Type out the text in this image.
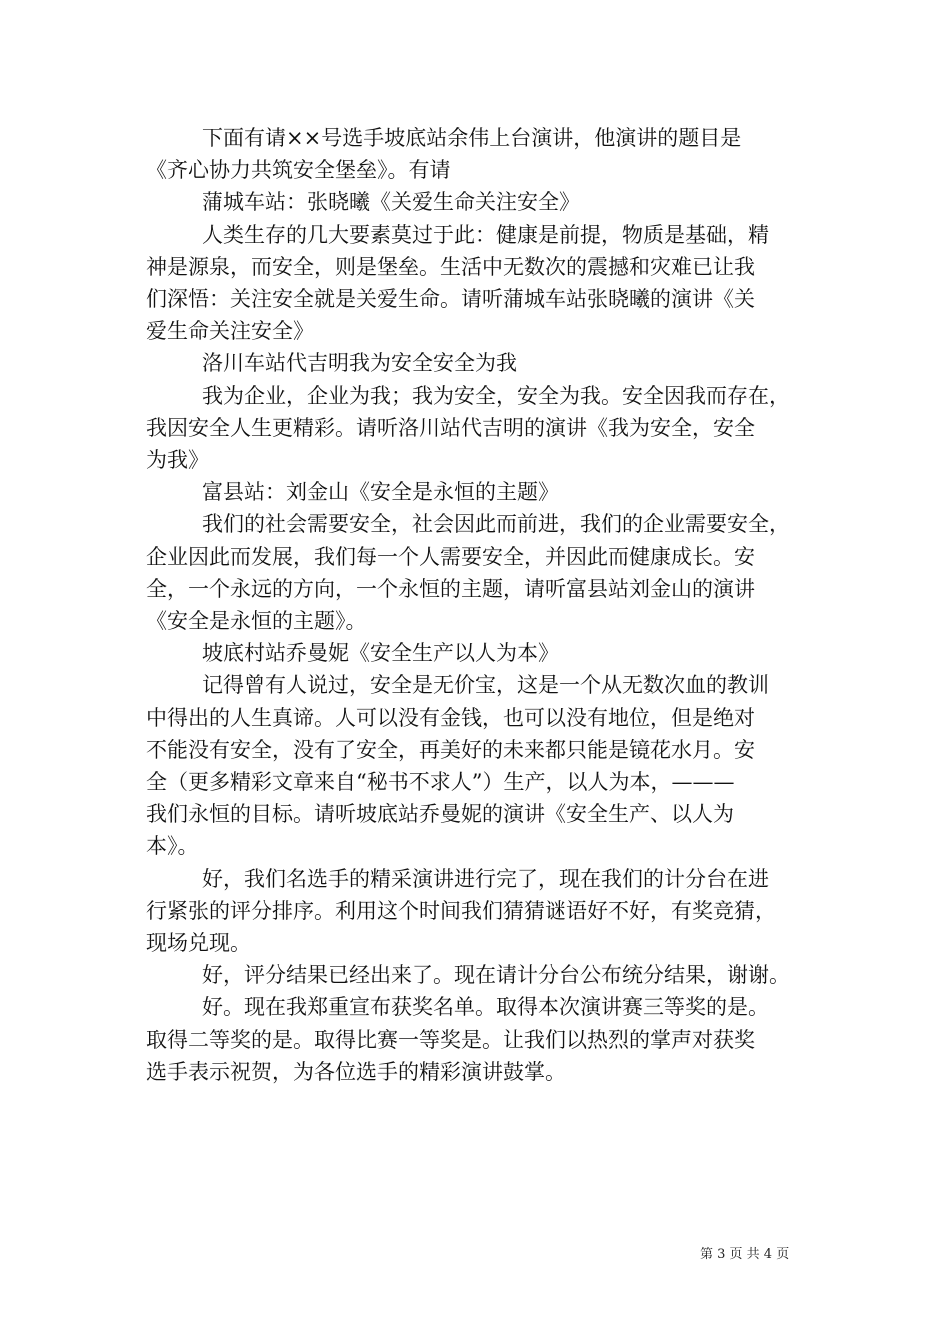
下面有请××号选手坡底站余伟上台演讲，他演讲的题目是
《齐心协力共筑安全堡垒》。有请

蒲城车站：张晓曦《关爱生命关注安全》

人类生存的几大要素莫过于此：健康是前提，物质是基础，精
神是源泉，而安全，则是堡垒。生活中无数次的震撼和灾难已让我
们深悟：关注安全就是关爱生命。请听蒲城车站张晓曦的演讲《关
爱生命关注安全》

洛川车站代吉明我为安全安全为我

我为企业，企业为我；我为安全，安全为我。安全因我而存在，
我因安全人生更精彩。请听洛川站代吉明的演讲《我为安全，安全
为我》

富县站：刘金山《安全是永恒的主题》

我们的社会需要安全，社会因此而前进，我们的企业需要安全，
企业因此而发展，我们每一个人需要安全，并因此而健康成长。安
全，一个永远的方向，一个永恒的主题，请听富县站刘金山的演讲
《安全是永恒的主题》。

坡底村站乔曼妮《安全生产以人为本》

记得曾有人说过，安全是无价宝，这是一个从无数次血的教训
中得出的人生真谛。人可以没有金钱，也可以没有地位，但是绝对
不能没有安全，没有了安全，再美好的未来都只能是镜花水月。安
全（更多精彩文章来自“秘书不求人”）生产，以人为本，———
我们永恒的目标。请听坡底站乔曼妮的演讲《安全生产、以人为
本》。

好，我们名选手的精采演讲进行完了，现在我们的计分台在进
行紧张的评分排序。利用这个时间我们猜猜谜语好不好，有奖竞猜，
现场兑现。

好，评分结果已经出来了。现在请计分台公布统分结果，谢谢。

好。现在我郑重宣布获奖名单。取得本次演讲赛三等奖的是。
取得二等奖的是。取得比赛一等奖是。让我们以热烈的掌声对获奖
选手表示祝贺，为各位选手的精彩演讲鼓掌。

第 3 页 共 4 页
